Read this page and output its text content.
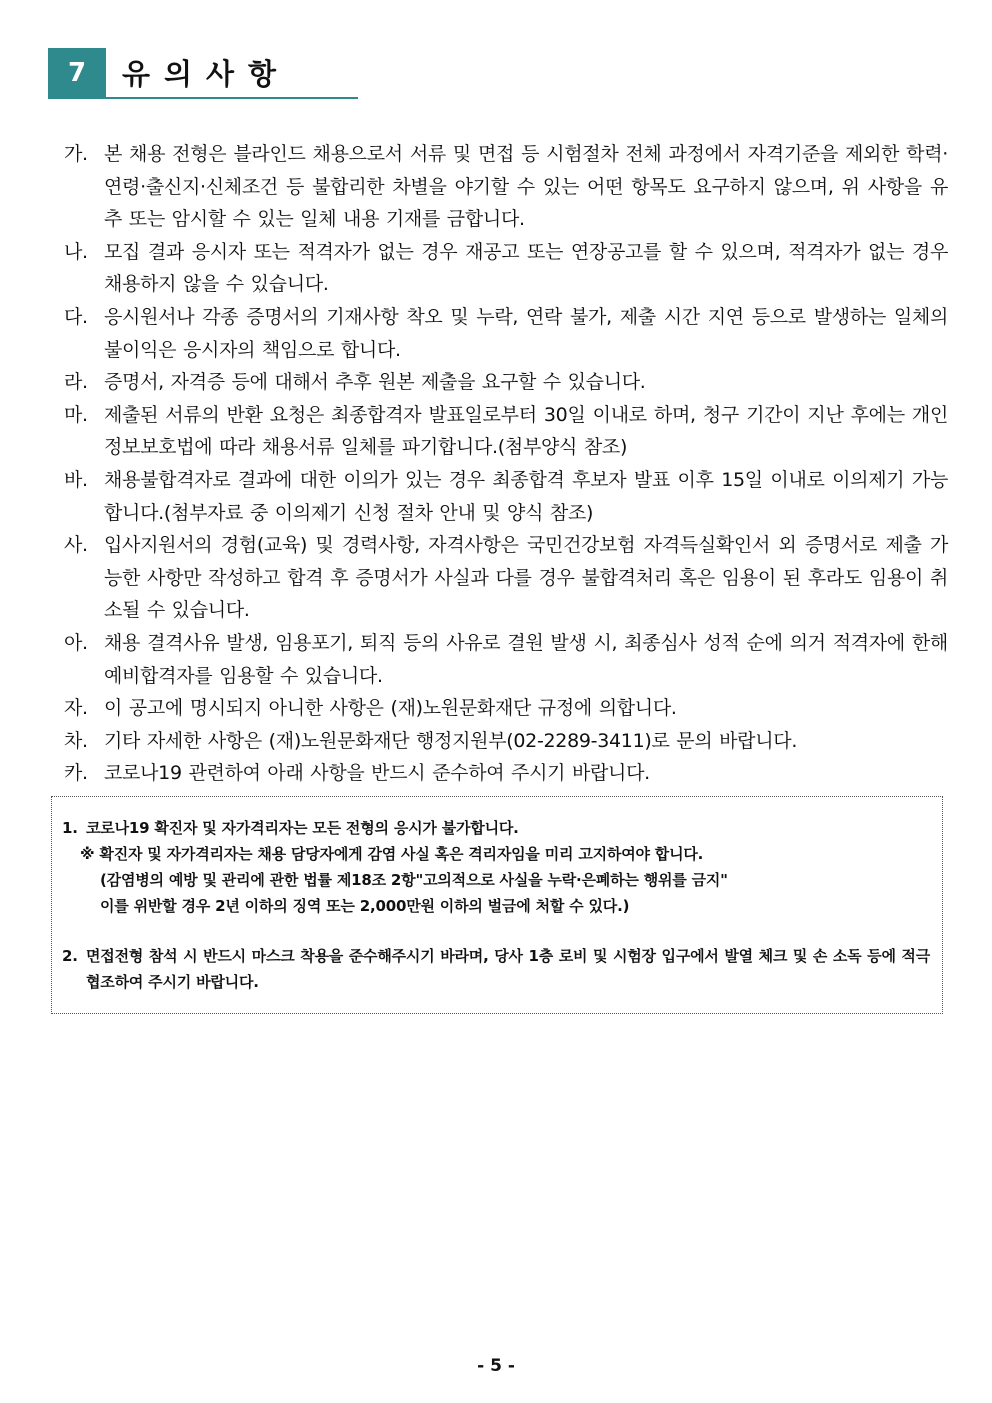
7	유의사항
가. 본 채용 전형은 블라인드 채용으로서 서류 및 면접 등 시험절차 전체 과정에서 자격기준을 제외한 학력·연령·출신지·신체조건 등 불합리한 차별을 야기할 수 있는 어떤 항목도 요구하지 않으며, 위 사항을 유추 또는 암시할 수 있는 일체 내용 기재를 금합니다.
나. 모집 결과 응시자 또는 적격자가 없는 경우 재공고 또는 연장공고를 할 수 있으며, 적격자가 없는 경우 채용하지 않을 수 있습니다.
다. 응시원서나 각종 증명서의 기재사항 착오 및 누락, 연락 불가, 제출 시간 지연 등으로 발생하는 일체의 불이익은 응시자의 책임으로 합니다.
라. 증명서, 자격증 등에 대해서 추후 원본 제출을 요구할 수 있습니다.
마. 제출된 서류의 반환 요청은 최종합격자 발표일로부터 30일 이내로 하며, 청구 기간이 지난 후에는 개인정보보호법에 따라 채용서류 일체를 파기합니다.(첨부양식 참조)
바. 채용불합격자로 결과에 대한 이의가 있는 경우 최종합격 후보자 발표 이후 15일 이내로 이의제기 가능합니다.(첨부자료 중 이의제기 신청 절차 안내 및 양식 참조)
사. 입사지원서의 경험(교육) 및 경력사항, 자격사항은 국민건강보험 자격득실확인서 외 증명서로 제출 가능한 사항만 작성하고 합격 후 증명서가 사실과 다를 경우 불합격처리 혹은 임용이 된 후라도 임용이 취소될 수 있습니다.
아. 채용 결격사유 발생, 임용포기, 퇴직 등의 사유로 결원 발생 시, 최종심사 성적 순에 의거 적격자에 한해 예비합격자를 임용할 수 있습니다.
자. 이 공고에 명시되지 아니한 사항은 (재)노원문화재단 규정에 의합니다.
차. 기타 자세한 사항은 (재)노원문화재단 행정지원부(02-2289-3411)로 문의 바랍니다.
카. 코로나19 관련하여 아래 사항을 반드시 준수하여 주시기 바랍니다.
1. 코로나19 확진자 및 자가격리자는 모든 전형의 응시가 불가합니다.
※ 확진자 및 자가격리자는 채용 담당자에게 감염 사실 혹은 격리자임을 미리 고지하여야 합니다.
(감염병의 예방 및 관리에 관한 법률 제18조 2항"고의적으로 사실을 누락·은폐하는 행위를 금지"
이를 위반할 경우 2년 이하의 징역 또는 2,000만원 이하의 벌금에 처할 수 있다.)
2. 면접전형 참석 시 반드시 마스크 착용을 준수해주시기 바라며, 당사 1층 로비 및 시험장 입구에서 발열 체크 및 손 소독 등에 적극 협조하여 주시기 바랍니다.
- 5 -
